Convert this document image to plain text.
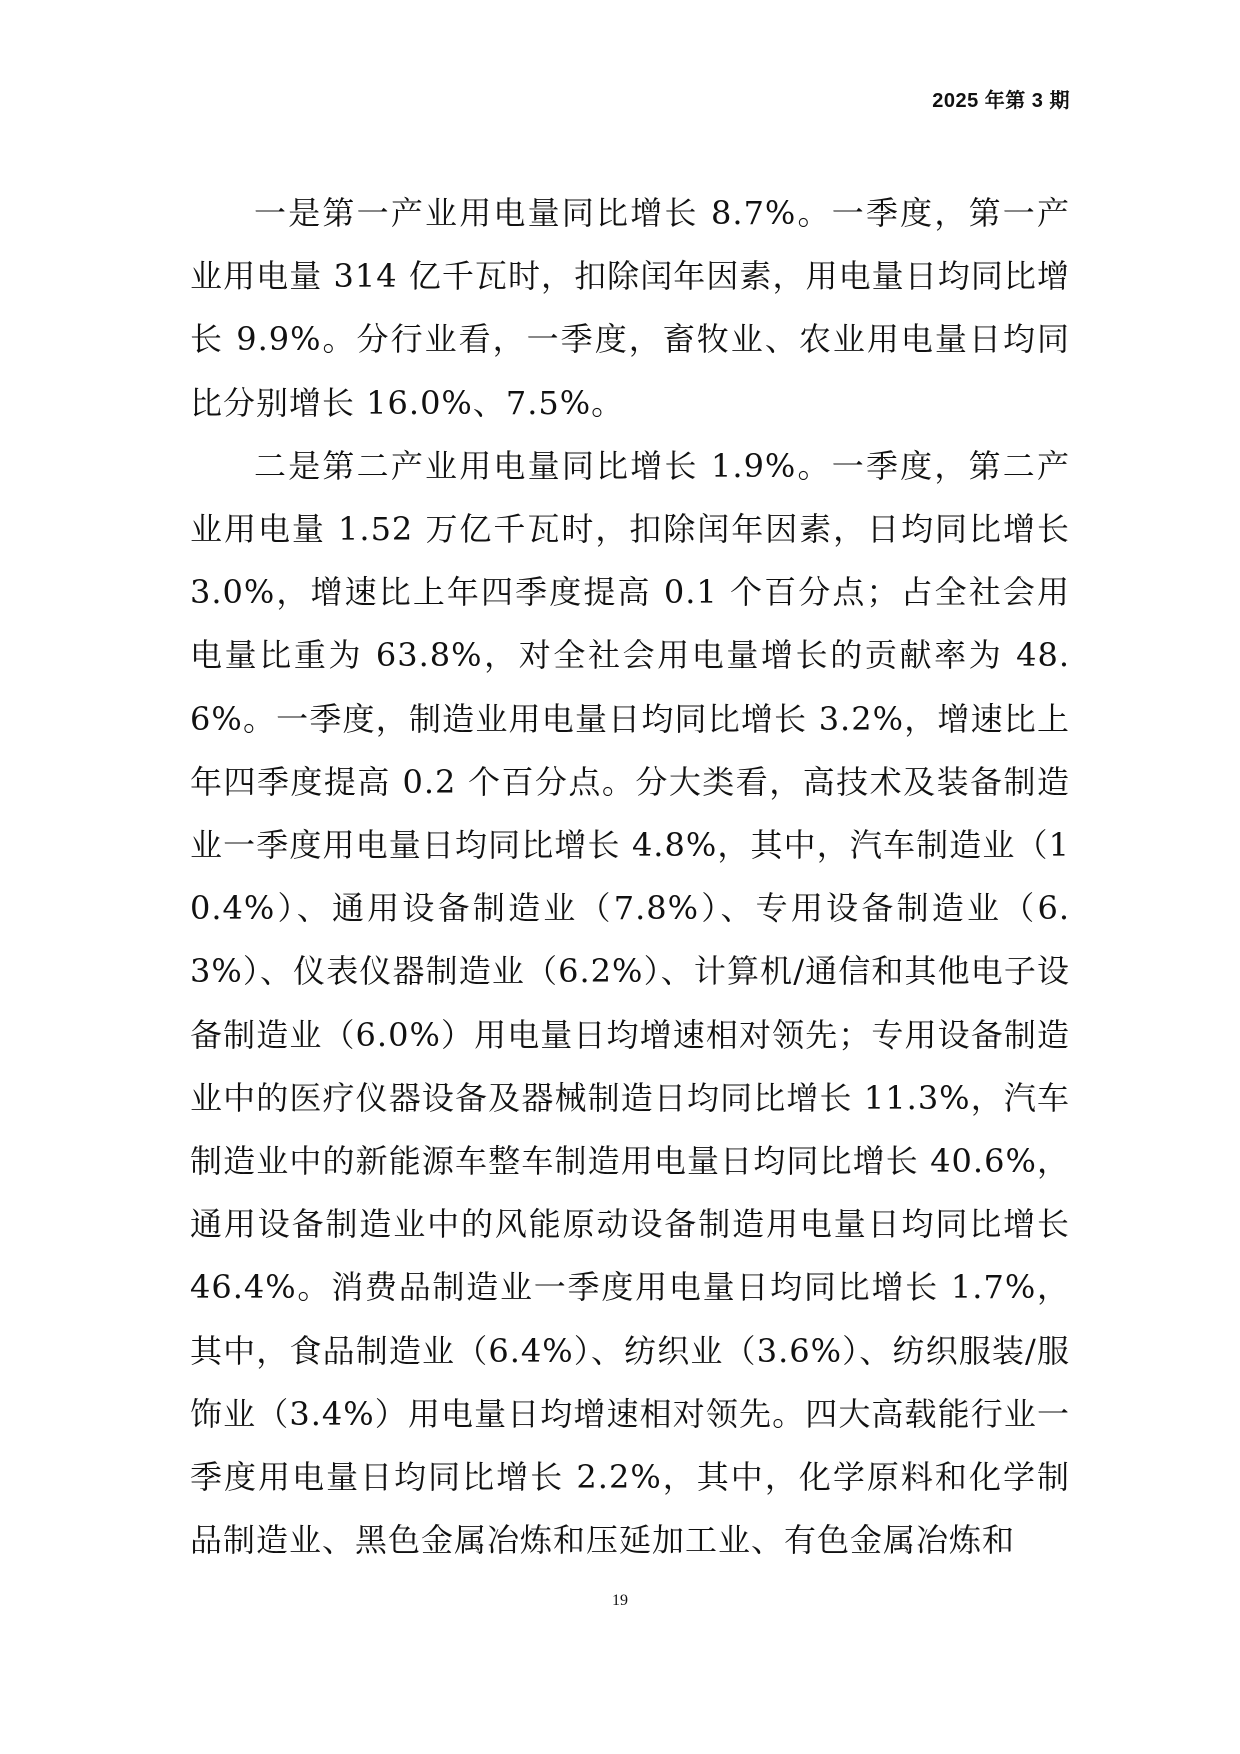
2025 年第 3 期

一是第一产业用电量同比增长 8.7%。一季度，第一产业用电量 314 亿千瓦时，扣除闰年因素，用电量日均同比增长 9.9%。分行业看，一季度，畜牧业、农业用电量日均同比分别增长 16.0%、7.5%。

二是第二产业用电量同比增长 1.9%。一季度，第二产业用电量 1.52 万亿千瓦时，扣除闰年因素，日均同比增长 3.0%，增速比上年四季度提高 0.1 个百分点；占全社会用电量比重为 63.8%，对全社会用电量增长的贡献率为 48.6%。一季度，制造业用电量日均同比增长 3.2%，增速比上年四季度提高 0.2 个百分点。分大类看，高技术及装备制造业一季度用电量日均同比增长 4.8%，其中，汽车制造业（10.4%）、通用设备制造业（7.8%）、专用设备制造业（6.3%）、仪表仪器制造业（6.2%）、计算机/通信和其他电子设备制造业（6.0%）用电量日均增速相对领先；专用设备制造业中的医疗仪器设备及器械制造日均同比增长 11.3%，汽车制造业中的新能源车整车制造用电量日均同比增长 40.6%，通用设备制造业中的风能原动设备制造用电量日均同比增长 46.4%。消费品制造业一季度用电量日均同比增长 1.7%，其中，食品制造业（6.4%）、纺织业（3.6%）、纺织服装/服饰业（3.4%）用电量日均增速相对领先。四大高载能行业一季度用电量日均同比增长 2.2%，其中，化学原料和化学制品制造业、黑色金属冶炼和压延加工业、有色金属冶炼和

19
